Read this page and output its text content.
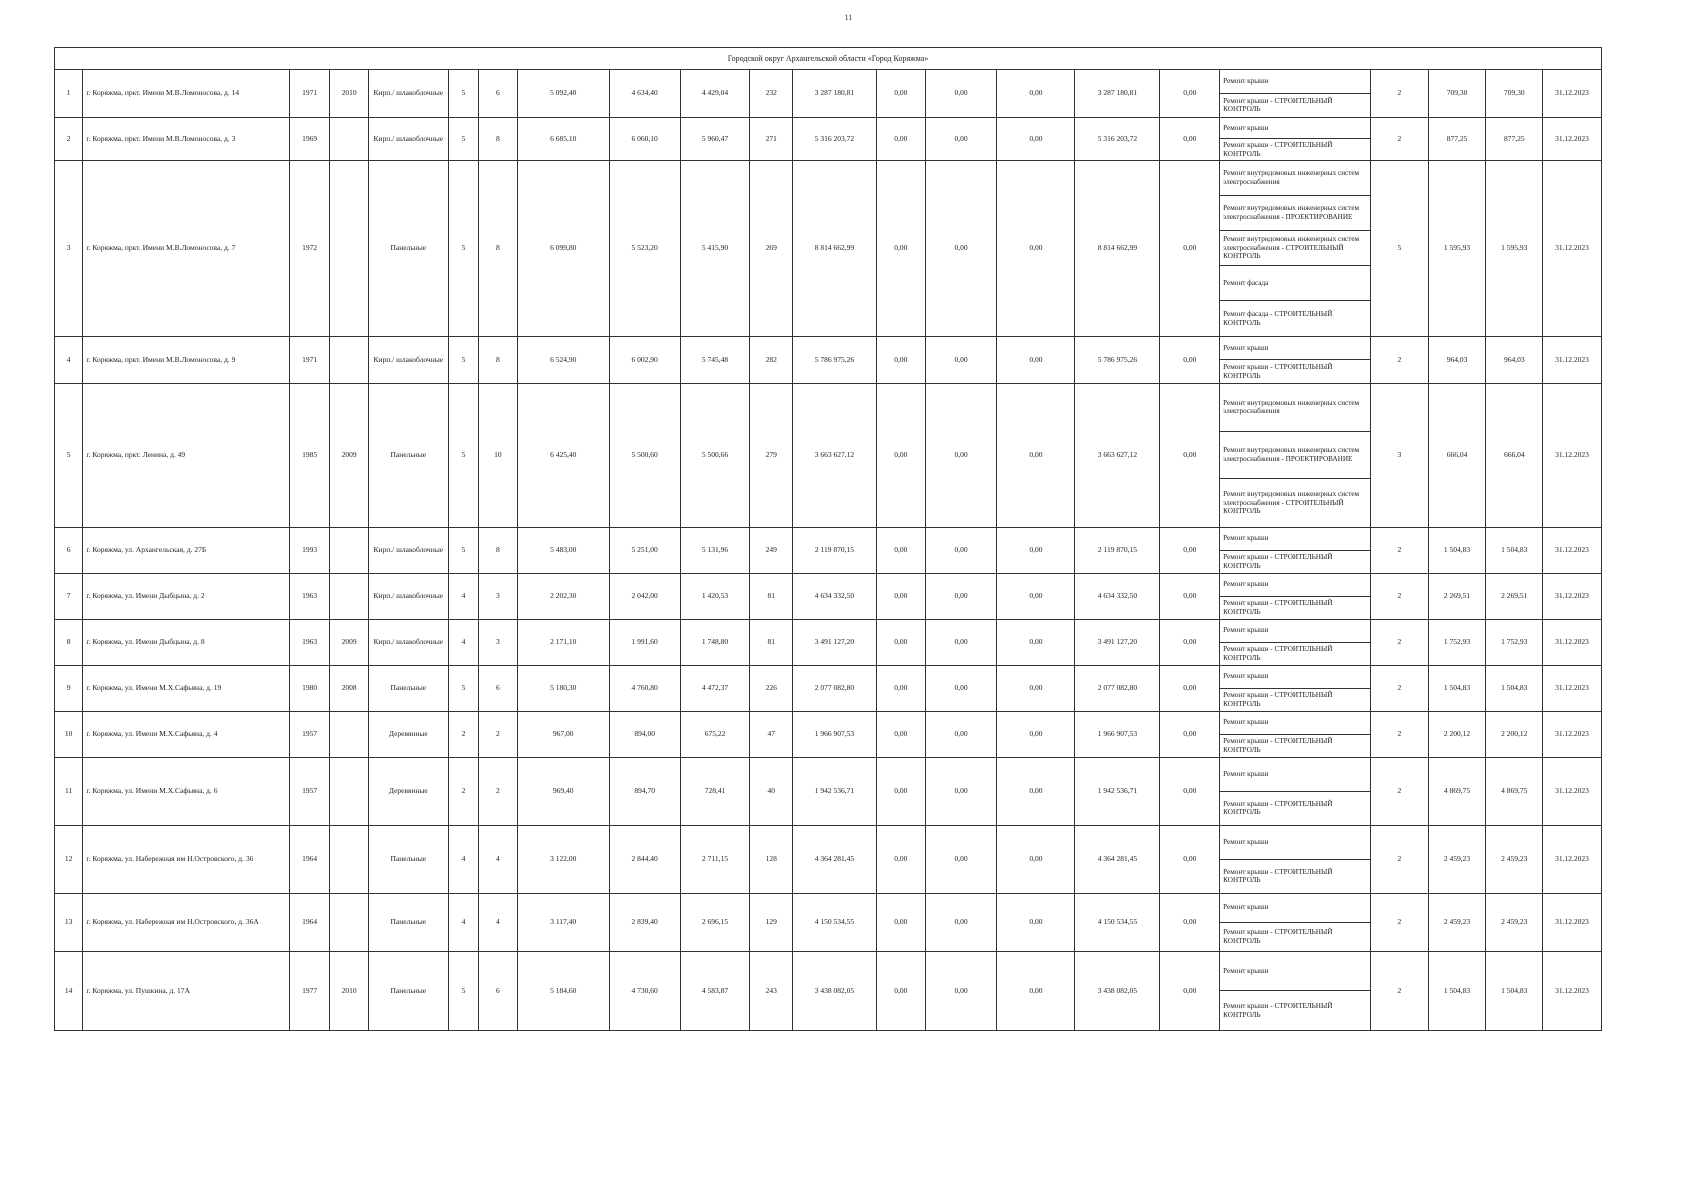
11
Городской округ Архангельской области «Город Коряжма»																					
1	г. Коряжма, пркт. Имени М.В.Ломоносова, д. 14	1971	2010	Кирп./ шлакоблочные	5	6	5 092,40	4 634,40	4 429,04	232	3 287 180,81	0,00	0,00	0,00	3 287 180,81	0,00	Ремонт крыши
Ремонт крыши - СТРОИТЕЛЬНЫЙ КОНТРОЛЬ	2	709,30	709,30	31.12.2023
2	г. Коряжма, пркт. Имени М.В.Ломоносова, д. 3	1969		Кирп./ шлакоблочные	5	8	6 685,10	6 060,10	5 960,47	271	5 316 203,72	0,00	0,00	0,00	5 316 203,72	0,00	Ремонт крыши
Ремонт крыши - СТРОИТЕЛЬНЫЙ КОНТРОЛЬ	2	877,25	877,25	31.12.2023
3	г. Коряжма, пркт. Имени М.В.Ломоносова, д. 7	1972		Панельные	5	8	6 099,80	5 523,20	5 415,90	269	8 814 662,99	0,00	0,00	0,00	8 814 662,99	0,00	Ремонт внутридомовых инженерных систем электроснабжения
Ремонт внутридомовых инженерных систем электроснабжения - ПРОЕКТИРОВАНИЕ
Ремонт внутридомовых инженерных систем электроснабжения - СТРОИТЕЛЬНЫЙ КОНТРОЛЬ
Ремонт фасада
Ремонт фасада - СТРОИТЕЛЬНЫЙ КОНТРОЛЬ	5	1 595,93	1 595,93	31.12.2023
4	г. Коряжма, пркт. Имени М.В.Ломоносова, д. 9	1971		Кирп./ шлакоблочные	5	8	6 524,90	6 002,90	5 745,48	282	5 786 975,26	0,00	0,00	0,00	5 786 975,26	0,00	Ремонт крыши
Ремонт крыши - СТРОИТЕЛЬНЫЙ КОНТРОЛЬ	2	964,03	964,03	31.12.2023
5	г. Коряжма, пркт. Ленина, д. 49	1985	2009	Панельные	5	10	6 425,40	5 500,60	5 500,66	279	3 663 627,12	0,00	0,00	0,00	3 663 627,12	0,00	Ремонт внутридомовых инженерных систем электроснабжения
Ремонт внутридомовых инженерных систем электроснабжения - ПРОЕКТИРОВАНИЕ
Ремонт внутридомовых инженерных систем электроснабжения - СТРОИТЕЛЬНЫЙ КОНТРОЛЬ	3	666,04	666,04	31.12.2023
6	г. Коряжма, ул. Архангельская, д. 27Б	1993		Кирп./ шлакоблочные	5	8	5 483,00	5 251,00	5 131,96	249	2 119 870,15	0,00	0,00	0,00	2 119 870,15	0,00	Ремонт крыши
Ремонт крыши - СТРОИТЕЛЬНЫЙ КОНТРОЛЬ	2	1 504,83	1 504,83	31.12.2023
7	г. Коряжма, ул. Имени Дыбцына, д. 2	1963		Кирп./ шлакоблочные	4	3	2 202,30	2 042,00	1 420,53	81	4 634 332,50	0,00	0,00	0,00	4 634 332,50	0,00	Ремонт крыши
Ремонт крыши - СТРОИТЕЛЬНЫЙ КОНТРОЛЬ	2	2 269,51	2 269,51	31.12.2023
8	г. Коряжма, ул. Имени Дыбцына, д. 8	1963	2009	Кирп./ шлакоблочные	4	3	2 171,10	1 991,60	1 748,80	81	3 491 127,20	0,00	0,00	0,00	3 491 127,20	0,00	Ремонт крыши
Ремонт крыши - СТРОИТЕЛЬНЫЙ КОНТРОЛЬ	2	1 752,93	1 752,93	31.12.2023
9	г. Коряжма, ул. Имени М.Х.Сафьяна, д. 19	1980	2008	Панельные	5	6	5 180,30	4 760,80	4 472,37	226	2 077 082,80	0,00	0,00	0,00	2 077 082,80	0,00	Ремонт крыши
Ремонт крыши - СТРОИТЕЛЬНЫЙ КОНТРОЛЬ	2	1 504,83	1 504,83	31.12.2023
10	г. Коряжма, ул. Имени М.Х.Сафьяна, д. 4	1957		Деревянные	2	2	967,00	894,00	675,22	47	1 966 907,53	0,00	0,00	0,00	1 966 907,53	0,00	Ремонт крыши
Ремонт крыши - СТРОИТЕЛЬНЫЙ КОНТРОЛЬ	2	2 200,12	2 200,12	31.12.2023
11	г. Коряжма, ул. Имени М.Х.Сафьяна, д. 6	1957		Деревянные	2	2	969,40	894,70	728,41	40	1 942 536,71	0,00	0,00	0,00	1 942 536,71	0,00	Ремонт крыши
Ремонт крыши - СТРОИТЕЛЬНЫЙ КОНТРОЛЬ	2	4 869,75	4 869,75	31.12.2023
12	г. Коряжма, ул. Набережная им Н.Островского, д. 36	1964		Панельные	4	4	3 122,00	2 844,40	2 711,15	128	4 364 281,45	0,00	0,00	0,00	4 364 281,45	0,00	Ремонт крыши
Ремонт крыши - СТРОИТЕЛЬНЫЙ КОНТРОЛЬ	2	2 459,23	2 459,23	31.12.2023
13	г. Коряжма, ул. Набережная им Н.Островского, д. 36А	1964		Панельные	4	4	3 117,40	2 839,40	2 696,15	129	4 150 534,55	0,00	0,00	0,00	4 150 534,55	0,00	Ремонт крыши
Ремонт крыши - СТРОИТЕЛЬНЫЙ КОНТРОЛЬ	2	2 459,23	2 459,23	31.12.2023
14	г. Коряжма, ул. Пушкина, д. 17А	1977	2010	Панельные	5	6	5 184,60	4 730,60	4 583,87	243	3 438 082,05	0,00	0,00	0,00	3 438 082,05	0,00	Ремонт крыши
Ремонт крыши - СТРОИТЕЛЬНЫЙ КОНТРОЛЬ	2	1 504,83	1 504,83	31.12.2023
